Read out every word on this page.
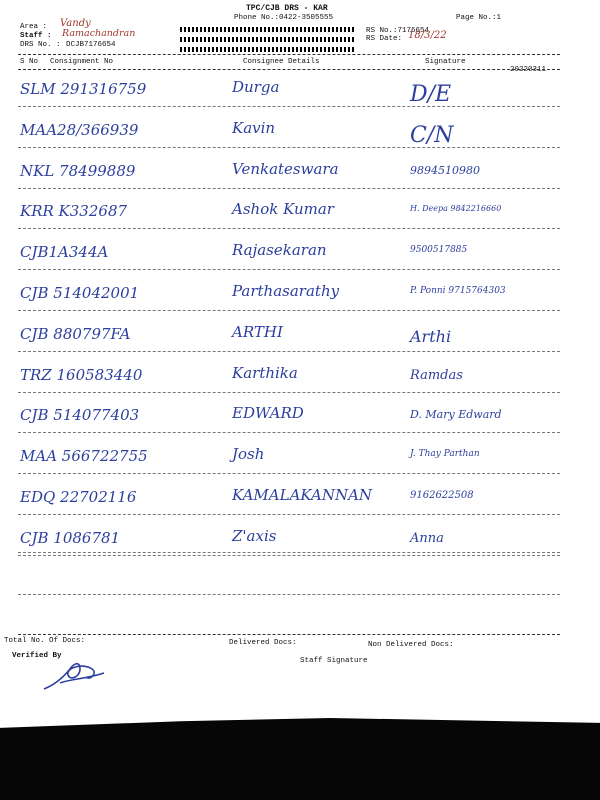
TPC/CJB DRS - KAR
Phone No.:0422-3505555	Page No.:1
Area : Vandy
Staff : Ramachandran
DRS No. : DCJB7176654
RS No.:7176654
RS Date: 18/3/22
S No Consignment No	Consignee Details	Signature
20220311
SLM 291316759	Durga	D/E
MAA28/366939	Kavin	C/N
NKL 78499889	Venkateswara	9894510980
KRR K332687	Ashok Kumar	H. Deepa 9842216660
CJB1A344A	Rajasekaran	9500517885
CJB 514042001	Parthasarathy	P. Ponni 9715764303
CJB 880797FA	ARTHI	Arthi
TRZ 160583440	Karthika	Ramdas
CJB 514077403	EDWARD	D. Mary Edward
MAA 566722755	Josh	J. Thay Parthan
EDQ 22702116	KAMALAKANNAN	9162622508
CJB 1086781	Z'axis	Anna
Total No. Of Docs:	Delivered Docs:	Non Delivered Docs:
Verified By
Staff Signature
